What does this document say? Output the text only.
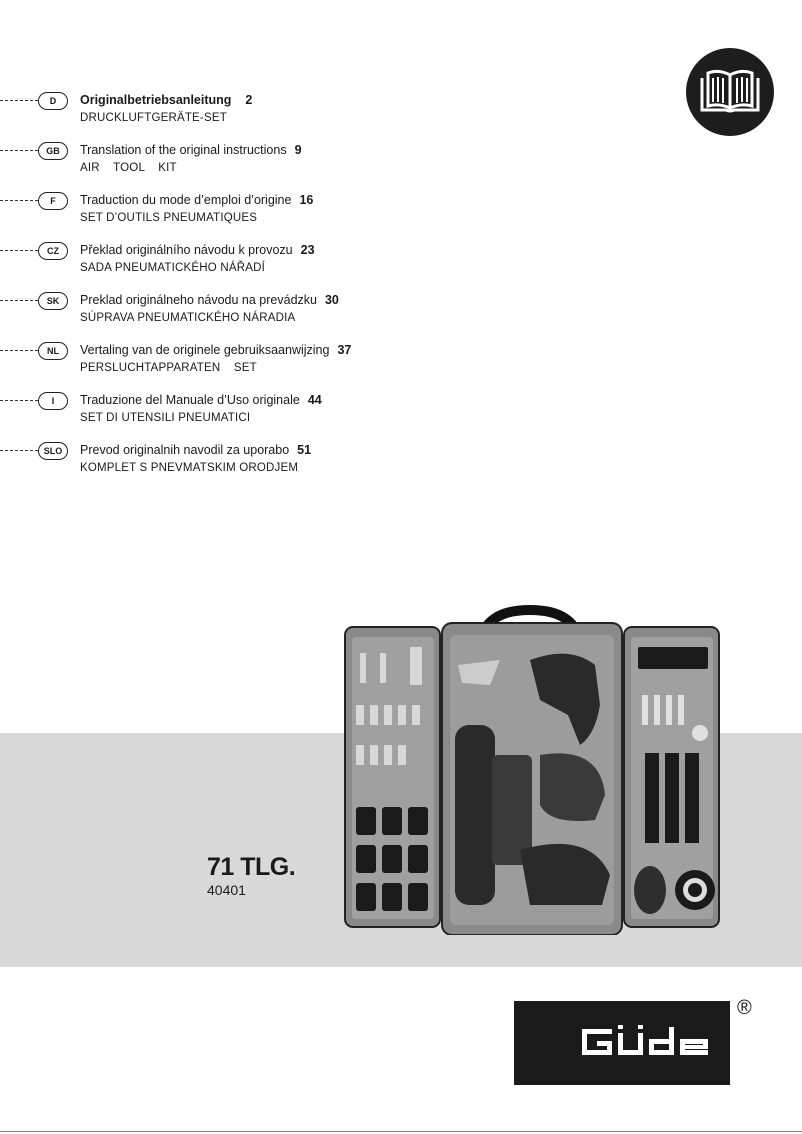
D	Originalbetriebsanleitung 2
DRUCKLUFTGERÄTE-SET
GB	Translation of the original instructions 9
AIR    TOOL    KIT
F	Traduction du mode d’emploi d’origine 16
SET D’OUTILS PNEUMATIQUES
CZ	Překlad originálního návodu k provozu 23
SADA PNEUMATICKÉHO NÁŘADÍ
SK	Preklad originálneho návodu na prevádzku 30
SÚPRAVA PNEUMATICKÉHO NÁRADIA
NL	Vertaling van de originele gebruiksaanwijzing 37
PERSLUCHTAPPARATEN    SET
I	Traduzione del Manuale d’Uso originale 44
SET DI UTENSILI PNEUMATICI
SLO	Prevod originalnih navodil za uporabo 51
KOMPLET S PNEVMATSKIM ORODJEM
71 TLG.
40401
®
